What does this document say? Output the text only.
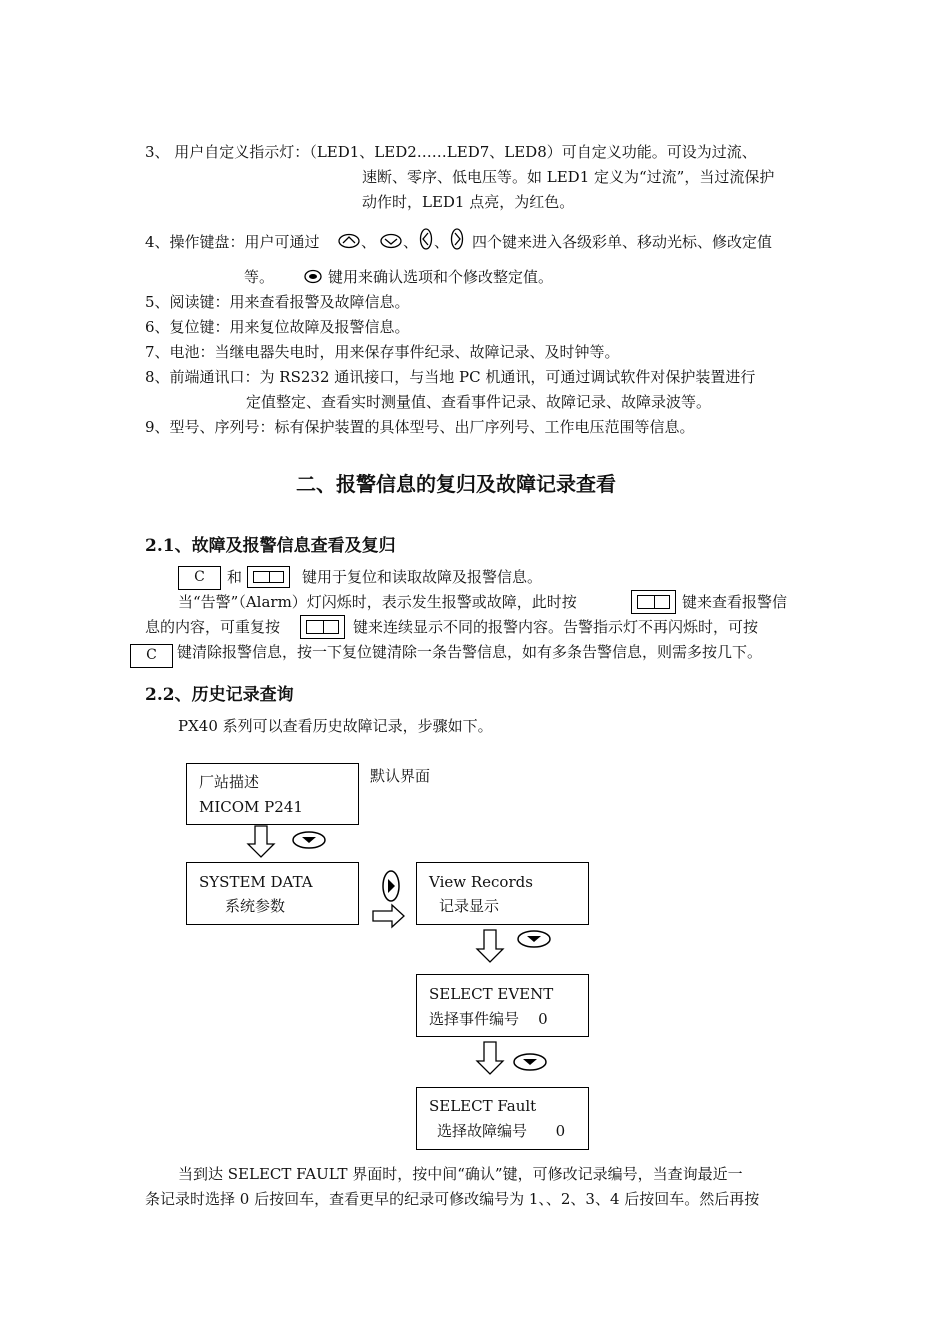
3、 用户自定义指示灯：（LED1、LED2‥‥‥LED7、LED8）可自定义功能。可设为过流、
速断、零序、低电压等。如 LED1 定义为“过流”，当过流保护
动作时，LED1 点亮，为红色。
4、操作键盘：用户可通过	、 、 、 四个键来进入各级彩单、移动光标、修改定值
等。	键用来确认选项和个修改整定值。
5、阅读键：用来查看报警及故障信息。
6、复位键：用来复位故障及报警信息。
7、电池：当继电器失电时，用来保存事件纪录、故障记录、及时钟等。
8、前端通讯口：为 RS232 通讯接口，与当地 PC 机通讯，可通过调试软件对保护装置进行
定值整定、查看实时测量值、查看事件记录、故障记录、故障录波等。
9、型号、序列号：标有保护装置的具体型号、出厂序列号、工作电压范围等信息。
二、报警信息的复归及故障记录查看
2.1、故障及报警信息查看及复归
C	和	键用于复位和读取故障及报警信息。
当“告警”（Alarm）灯闪烁时，表示发生报警或故障，此时按	键来查看报警信
息的内容，可重复按	键来连续显示不同的报警内容。告警指示灯不再闪烁时，可按
C	键清除报警信息，按一下复位键清除一条告警信息，如有多条告警信息，则需多按几下。
2.2、历史记录查询
PX40 系列可以查看历史故障记录，步骤如下。
厂站描述
MICOM P241
默认界面
SYSTEM DATA
系统参数
View Records
记录显示
SELECT EVENT
选择事件编号    0
SELECT Fault
选择故障编号      0
当到达 SELECT FAULT 界面时，按中间“确认”键，可修改记录编号，当查询最近一
条记录时选择 0 后按回车，查看更早的纪录可修改编号为 1、、2、3、4 后按回车。然后再按
